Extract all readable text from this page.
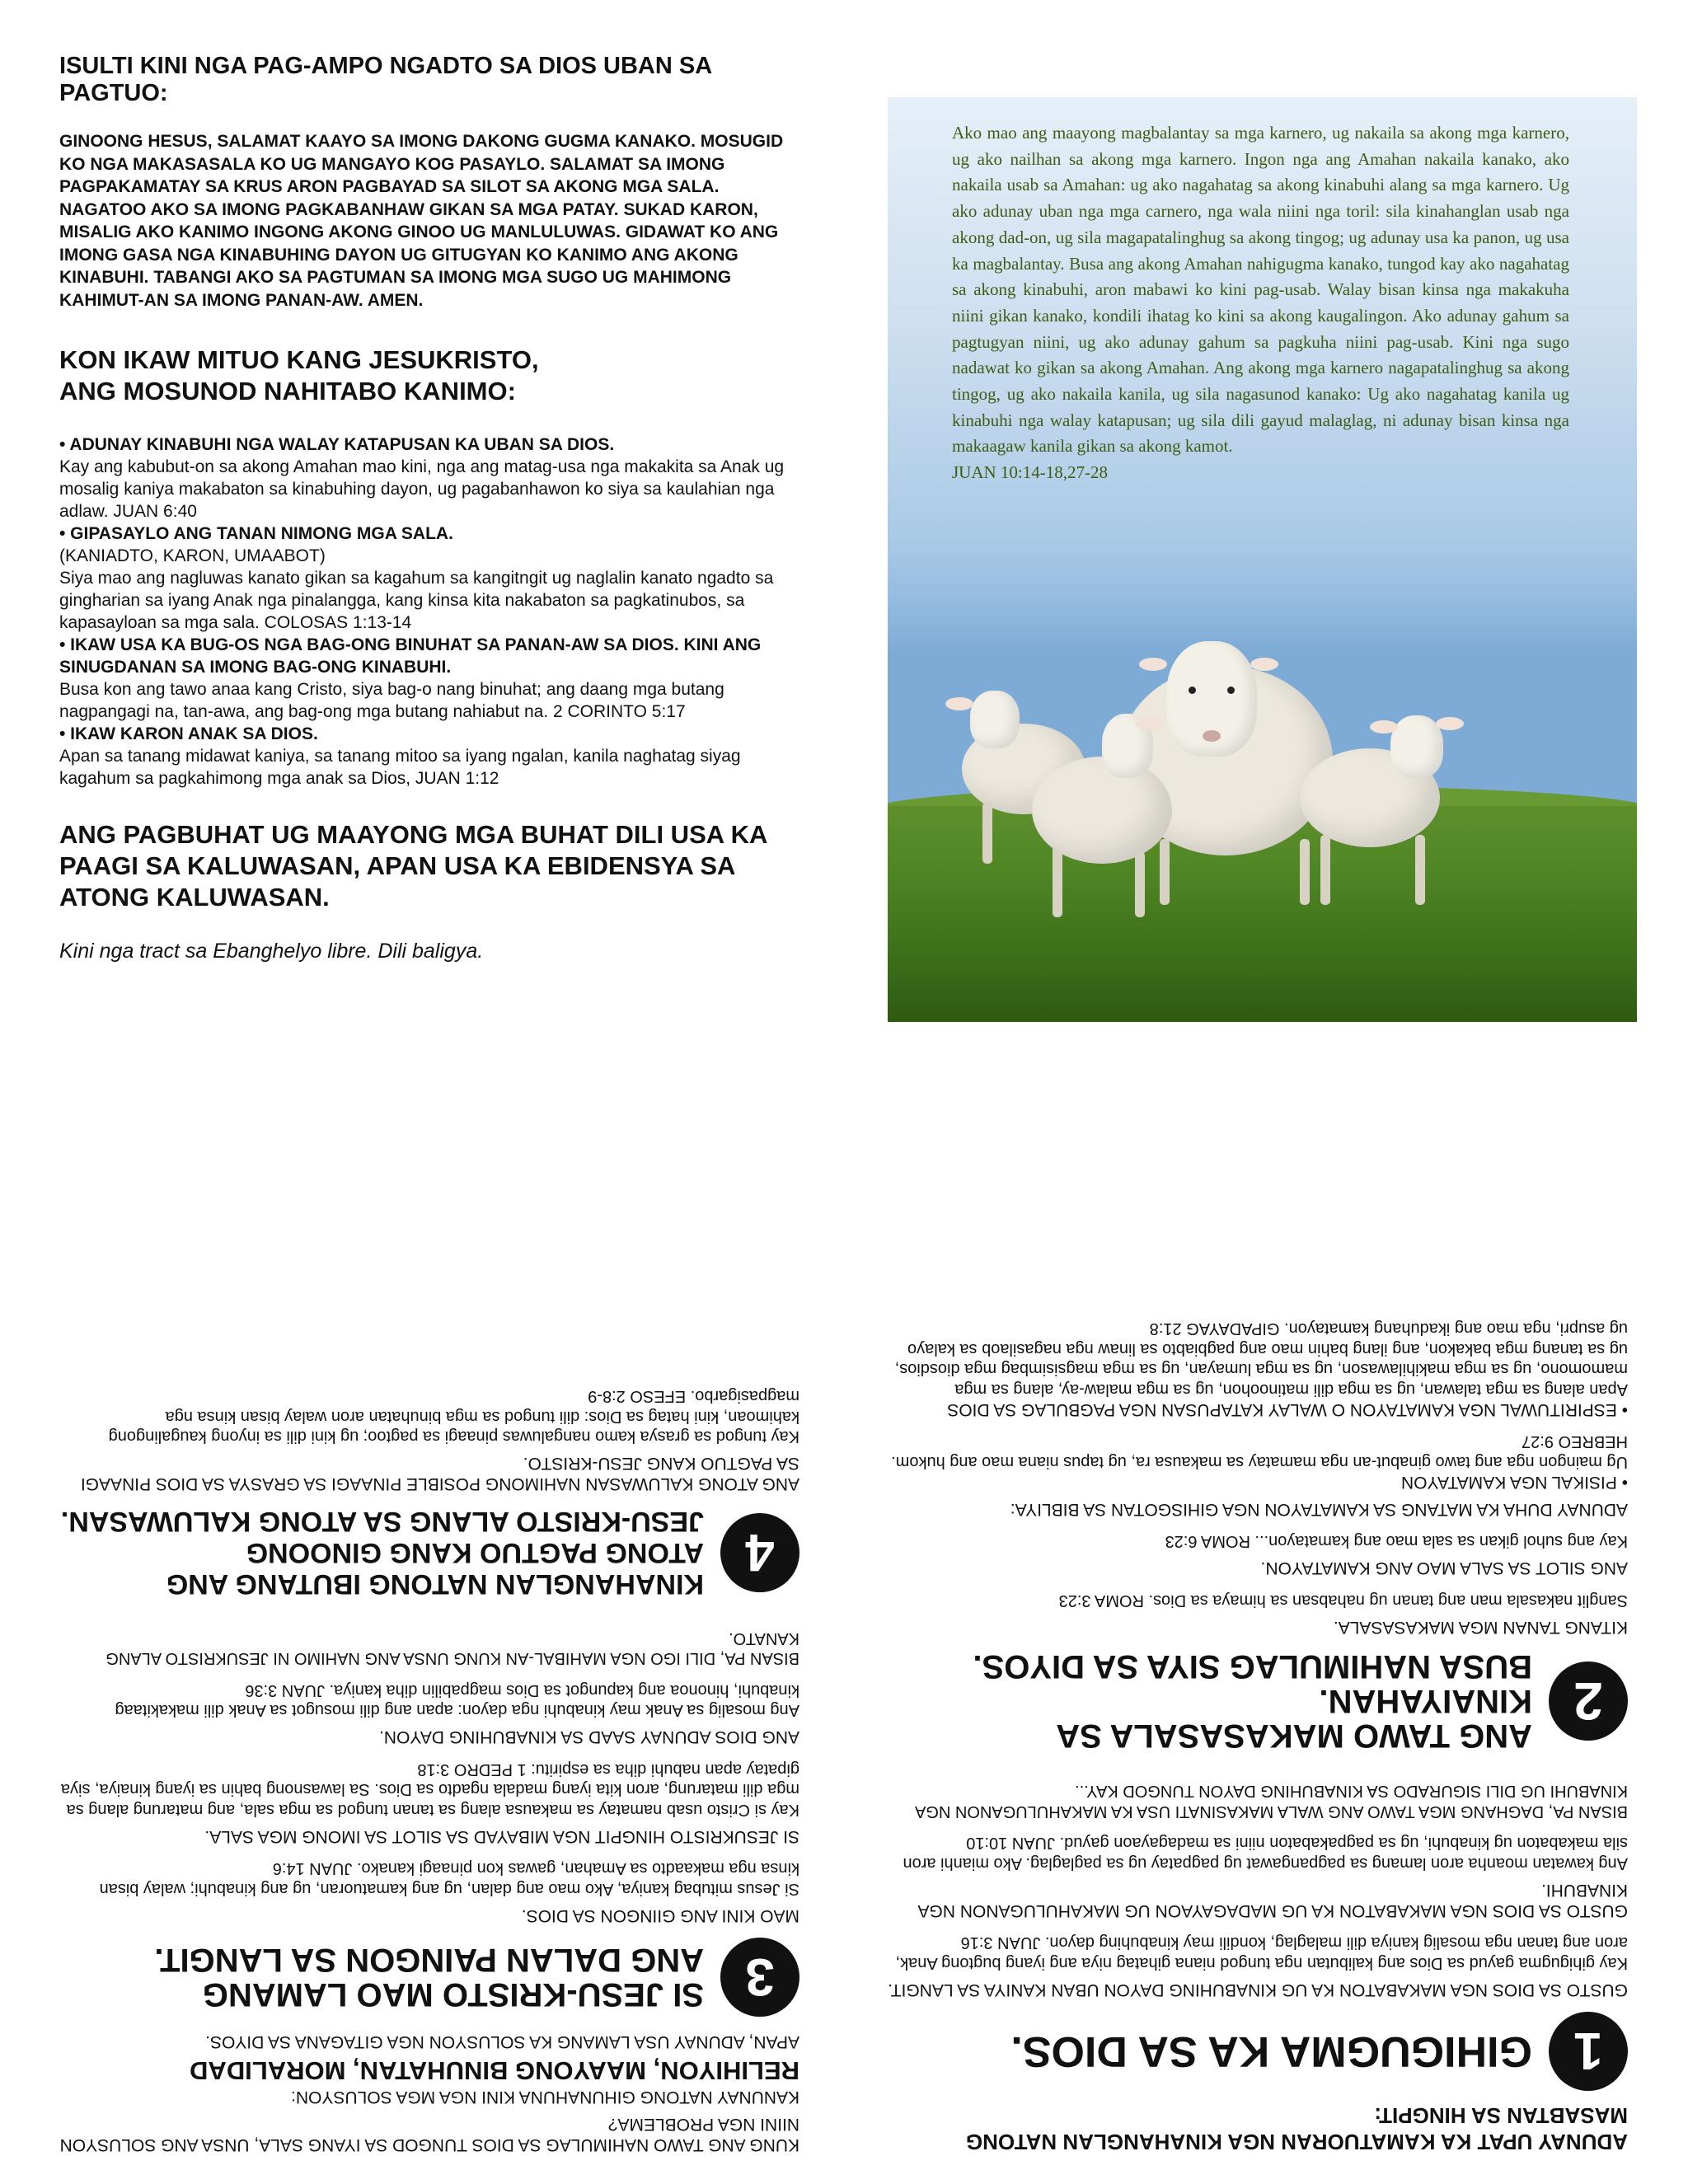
ISULTI KINI NGA PAG-AMPO NGADTO SA DIOS UBAN SA PAGTUO:

GINOONG HESUS, SALAMAT KAAYO SA IMONG DAKONG GUGMA KANAKO. MOSUGID KO NGA MAKASASALA KO UG MANGAYO KOG PASAYLO. SALAMAT SA IMONG PAGPAKAMATAY SA KRUS ARON PAGBAYAD SA SILOT SA AKONG MGA SALA. NAGATOO AKO SA IMONG PAGKABANHAW GIKAN SA MGA PATAY. SUKAD KARON, MISALIG AKO KANIMO INGONG AKONG GINOO UG MANLULUWAS. GIDAWAT KO ANG IMONG GASA NGA KINABUHING DAYON UG GITUGYAN KO KANIMO ANG AKONG KINABUHI. TABANGI AKO SA PAGTUMAN SA IMONG MGA SUGO UG MAHIMONG KAHIMUT-AN SA IMONG PANAN-AW. AMEN.

KON IKAW MITUO KANG JESUKRISTO,
ANG MOSUNOD NAHITABO KANIMO:
• ADUNAY KINABUHI NGA WALAY KATAPUSAN KA UBAN SA DIOS.
Kay ang kabubut-on sa akong Amahan mao kini, nga ang matag-usa nga makakita sa Anak ug mosalig kaniya makabaton sa kinabuhing dayon, ug pagabanhawon ko siya sa kaulahian nga adlaw. JUAN 6:40
• GIPASAYLO ANG TANAN NIMONG MGA SALA.
(KANIADTO, KARON, UMAABOT)
Siya mao ang nagluwas kanato gikan sa kagahum sa kangitngit ug naglalin kanato ngadto sa gingharian sa iyang Anak nga pinalangga, kang kinsa kita nakabaton sa pagkatinubos, sa kapasayloan sa mga sala. COLOSAS 1:13-14
• IKAW USA KA BUG-OS NGA BAG-ONG BINUHAT SA PANAN-AW SA DIOS. KINI ANG SINUGDANAN SA IMONG BAG-ONG KINABUHI.
Busa kon ang tawo anaa kang Cristo, siya bag-o nang binuhat; ang daang mga butang nagpangagi na, tan-awa, ang bag-ong mga butang nahiabut na. 2 CORINTO 5:17
• IKAW KARON ANAK SA DIOS.
Apan sa tanang midawat kaniya, sa tanang mitoo sa iyang ngalan, kanila naghatag siyag kagahum sa pagkahimong mga anak sa Dios, JUAN 1:12
ANG PAGBUHAT UG MAAYONG MGA BUHAT DILI USA KA PAAGI SA KALUWASAN, APAN USA KA EBIDENSYA SA ATONG KALUWASAN.
Kini nga tract sa Ebanghelyo libre. Dili baligya.
Ako mao ang maayong magbalantay sa mga karnero, ug nakaila sa akong mga karnero, ug ako nailhan sa akong mga karnero. Ingon nga ang Amahan nakaila kanako, ako nakaila usab sa Amahan: ug ako nagahatag sa akong kinabuhi alang sa mga karnero. Ug ako adunay uban nga mga carnero, nga wala niini nga toril: sila kinahanglan usab nga akong dad-on, ug sila magapatalinghug sa akong tingog; ug adunay usa ka panon, ug usa ka magbalantay. Busa ang akong Amahan nahigugma kanako, tungod kay ako nagahatag sa akong kinabuhi, aron mabawi ko kini pag-usab. Walay bisan kinsa nga makakuha niini gikan kanako, kondili ihatag ko kini sa akong kaugalingon. Ako adunay gahum sa pagtugyan niini, ug ako adunay gahum sa pagkuha niini pag-usab. Kini nga sugo nadawat ko gikan sa akong Amahan. Ang akong mga karnero nagapatalinghug sa akong tingog, ug ako nakaila kanila, ug sila nagasunod kanako: Ug ako nagahatag kanila ug kinabuhi nga walay katapusan; ug sila dili gayud malaglag, ni adunay bisan kinsa nga makaagaw kanila gikan sa akong kamot.
JUAN 10:14-18,27-28
ADUNAY UPAT KA KAMATUORAN NGA KINAHANGLAN NATONG MASABTAN SA HINGPIT:
1
GIHIGUGMA KA SA DIOS.
GUSTO SA DIOS NGA MAKABATON KA UG KINABUHING DAYON UBAN KANIYA SA LANGIT.
Kay gihigugma gayud sa Dios ang kalibutan nga tungod niana gihatag niya ang iyang bugtong Anak, aron ang tanan nga mosalig kaniya dili malaglag, kondili may kinabuhing dayon. JUAN 3:16
GUSTO SA DIOS NGA MAKABATON KA UG MADAGAYAON UG MAKAHULUGANON NGA KINABUHI.
Ang kawatan moanha aron lamang sa pagpangawat ug pagpatay ug sa paglaglag. Ako mianhi aron sila makabaton ug kinabuhi, ug sa pagpakabaton niini sa madagayaon gayud. JUAN 10:10
BISAN PA, DAGHANG MGA TAWO ANG WALA MAKASINATI USA KA MAKAHULUGANON NGA KINABUHI UG DILI SIGURADO SA KINABUHING DAYON TUNGOD KAY...
2
ANG TAWO MAKASASALA SA KINAIYAHAN.
BUSA NAHIMULAG SIYA SA DIYOS.
KITANG TANAN MGA MAKASASALA.
Sanglit nakasala man ang tanan ug nahabsan sa himaya sa Dios. ROMA 3:23
ANG SILOT SA SALA MAO ANG KAMATAYON.
Kay ang suhol gikan sa sala mao ang kamatayon... ROMA 6:23
ADUNAY DUHA KA MATANG SA KAMATAYON NGA GIHISGOTAN SA BIBLIYA:
• PISIKAL NGA KAMATAYON
Ug maingon nga ang tawo ginabut-an nga mamatay sa makausa ra, ug tapus niana mao ang hukom. HEBREO 9:27
• ESPIRITUWAL NGA KAMATAYON O WALAY KATAPUSAN NGA PAGBULAG SA DIOS
Apan alang sa mga talawan, ug sa mga dili matinoohon, ug sa mga malaw-ay, alang sa mga mamomono, ug sa mga makihilawason, ug sa mga lumayan, ug sa mga magsisimbag mga diosdios, ug sa tanang mga bakakon, ang ilang bahin mao ang pagbiabto sa linaw nga nagasilaob sa kalayo ug asupri, nga mao ang ikaduhang kamatayon. GIPADAYAG 21:8
KUNG ANG TAWO NAHIMULAG SA DIOS TUNGOD SA IYANG SALA, UNSA ANG SOLUSYON NIINI NGA PROBLEMA?
KANUNAY NATONG GIHUNAHUNA KINI NGA MGA SOLUSYON:
RELIHIYON, MAAYONG BINUHATAN, MORALIDAD
APAN, ADUNAY USA LAMANG KA SOLUSYON NGA GITAGANA SA DIYOS.
3
SI JESU-KRISTO MAO LAMANG
ANG DALAN PAINGON SA LANGIT.
MAO KINI ANG GIINGON SA DIOS.
Si Jesus mitubag kaniya, Ako mao ang dalan, ug ang kamatuoran, ug ang kinabuhi; walay bisan kinsa nga makaadto sa Amahan, gawas kon pinaagi kanako. JUAN 14:6
SI JESUKRISTO HINGPIT NGA MIBAYAD SA SILOT SA IMONG MGA SALA.
Kay si Cristo usab namatay sa makausa alang sa tanan tungod sa mga sala, ang matarung alang sa mga dili matarung, aron kita iyang madala ngadto sa Dios. Sa lawasnong bahin sa iyang kinaiya, siya gipatay apan nabuhi diha sa espiritu: 1 PEDRO 3:18
ANG DIOS ADUNAY SAAD SA KINABUHING DAYON.
Ang mosalig sa Anak may kinabuhi nga dayon: apan ang dili mosugot sa Anak dili makakitaag kinabuhi, hinonoa ang kapungot sa Dios magpabilin diha kaniya. JUAN 3:36
BISAN PA, DILI IGO NGA MAHIBAL-AN KUNG UNSA ANG NAHIMO NI JESUKRISTO ALANG KANATO.
4
KINAHANGLAN NATONG IBUTANG ANG
ATONG PAGTUO KANG GINOONG
JESU-KRISTO ALANG SA ATONG KALUWASAN.
ANG ATONG KALUWASAN NAHIMONG POSIBLE PINAAGI SA GRASYA SA DIOS PINAAGI SA PAGTUO KANG JESU-KRISTO.
Kay tungod sa grasya kamo nangaluwas pinaagi sa pagtoo; ug kini dili sa inyong kaugalingong kahimoan, kini hatag sa Dios: dili tungod sa mga binuhatan aron walay bisan kinsa nga magpasigarbo. EFESO 2:8-9
